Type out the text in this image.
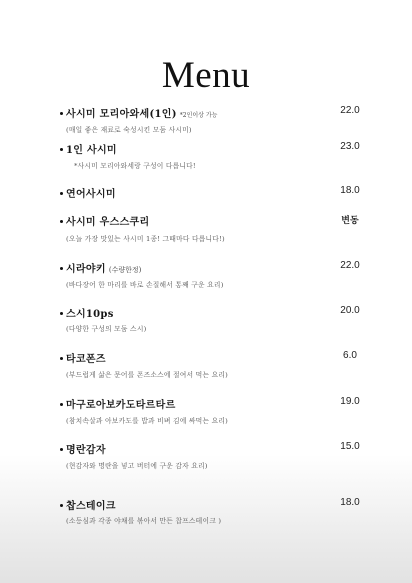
Menu
사시미 모리아와세(1인) *2인이상 가능	22.0
(매일 좋은 재료로 숙성시킨 모둠 사시미)
1인 사시미	23.0
*사시미 모리아와세랑 구성이 다릅니다!
연어사시미	18.0
사시미 우스스쿠리	변동
(오늘 가장 맛있는 사시미 1종! 그때마다 다릅니다!)
시라야키 (수량한정)	22.0
(바다장어 한 마리를 바로 손질해서 통째 구운 요리)
스시10ps	20.0
(다양한 구성의 모둠 스시)
타코폰즈	6.0
(부드럽게 삶은 문어를 폰즈소스에 절여서 먹는 요리)
마구로아보카도타르타르	19.0
(참치속살과 아보카도를 밥과 비벼 김에 싸먹는 요리)
명란감자	15.0
(현감자와 명란을 넣고 버터에 구운 감자 요리)
찹스테이크	18.0
(소등심과 각종 야채를 볶아서 만든 찹프스테이크 )
